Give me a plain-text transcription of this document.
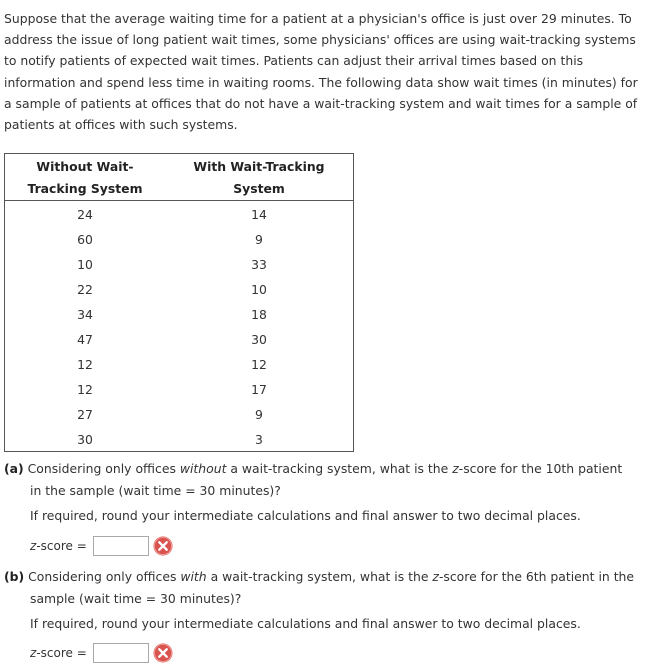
Suppose that the average waiting time for a patient at a physician's office is just over 29 minutes. To address the issue of long patient wait times, some physicians' offices are using wait-tracking systems to notify patients of expected wait times. Patients can adjust their arrival times based on this information and spend less time in waiting rooms. The following data show wait times (in minutes) for a sample of patients at offices that do not have a wait-tracking system and wait times for a sample of patients at offices with such systems.

Without Wait-
Tracking System
With Wait-Tracking
System
24	14
60	9
10	33
22	10
34	18
47	30
12	12
12	17
27	9
30	3

(a) Considering only offices without a wait-tracking system, what is the z-score for the 10th patient in the sample (wait time = 30 minutes)?

If required, round your intermediate calculations and final answer to two decimal places.

z-score =

(b) Considering only offices with a wait-tracking system, what is the z-score for the 6th patient in the sample (wait time = 30 minutes)?

If required, round your intermediate calculations and final answer to two decimal places.

z-score =
